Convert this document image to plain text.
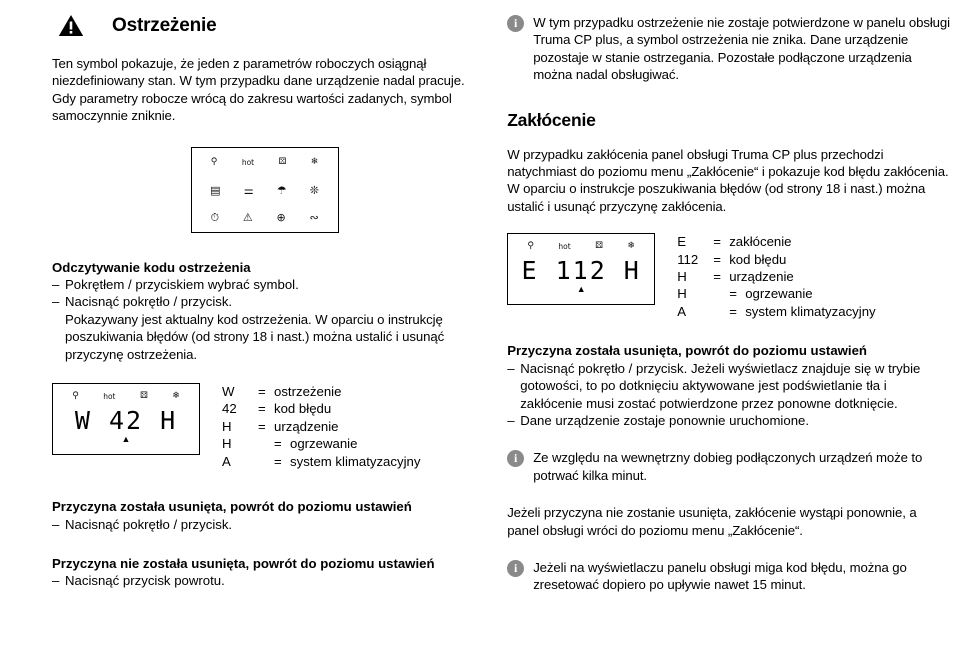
Ostrzeżenie

Ten symbol pokazuje, że jeden z parametrów roboczych osiągnął niezdefiniowany stan. W tym przypadku dane urządzenie nadal pracuje. Gdy parametry robocze wrócą do zakresu wartości zadanych, symbol samoczynnie zniknie.

⚲	hot	⚄	❄
▤ ⚌ ☂ ❊
⏱ ⚠ ⊕ ∾
Odczytywanie kodu ostrzeżenia
– Pokrętłem / przyciskiem wybrać symbol.
– Nacisnąć pokrętło / przycisk.

Pokazywany jest aktualny kod ostrzeżenia. W oparciu o instrukcję poszukiwania błędów (od strony 18 i nast.) można ustalić i usunąć przyczynę ostrzeżenia.

⚲	hot	⚄	❄
W 42 H
▲
W	= ostrzeżenie
42	= kod błędu
H	= urządzenie
H	= ogrzewanie
A	= system klimatyzacyjny
Przyczyna została usunięta, powrót do poziomu ustawień
– Nacisnąć pokrętło / przycisk.
Przyczyna nie została usunięta, powrót do poziomu ustawień
– Nacisnąć przycisk powrotu.
i	W tym przypadku ostrzeżenie nie zostaje potwierdzone w panelu obsługi Truma CP plus, a symbol ostrzeżenia nie znika. Dane urządzenie pozostaje w stanie ostrzegania. Pozostałe podłączone urządzenia można nadal obsługiwać.

Zakłócenie

W przypadku zakłócenia panel obsługi Truma CP plus przechodzi natychmiast do poziomu menu „Zakłócenie“ i pokazuje kod błędu zakłócenia. W oparciu o instrukcje poszukiwania błędów (od strony 18 i nast.) można ustalić i usunąć przyczynę zakłócenia.

⚲	hot	⚄	❄
E 112 H
▲
E	= zakłócenie
112	= kod błędu
H	= urządzenie
H	= ogrzewanie
A	= system klimatyzacyjny
Przyczyna została usunięta, powrót do poziomu ustawień
– Nacisnąć pokrętło / przycisk. Jeżeli wyświetlacz znajduje się w trybie gotowości, to po dotknięciu aktywowane jest podświetlanie tła i zakłócenie musi zostać potwierdzone przez ponowne dotknięcie.
– Dane urządzenie zostaje ponownie uruchomione.
i	Ze względu na wewnętrzny dobieg podłączonych urządzeń może to potrwać kilka minut.

Jeżeli przyczyna nie zostanie usunięta, zakłócenie wystąpi ponownie, a panel obsługi wróci do poziomu menu „Zakłócenie“.

i	Jeżeli na wyświetlaczu panelu obsługi miga kod błędu, można go zresetować dopiero po upływie nawet 15 minut.
